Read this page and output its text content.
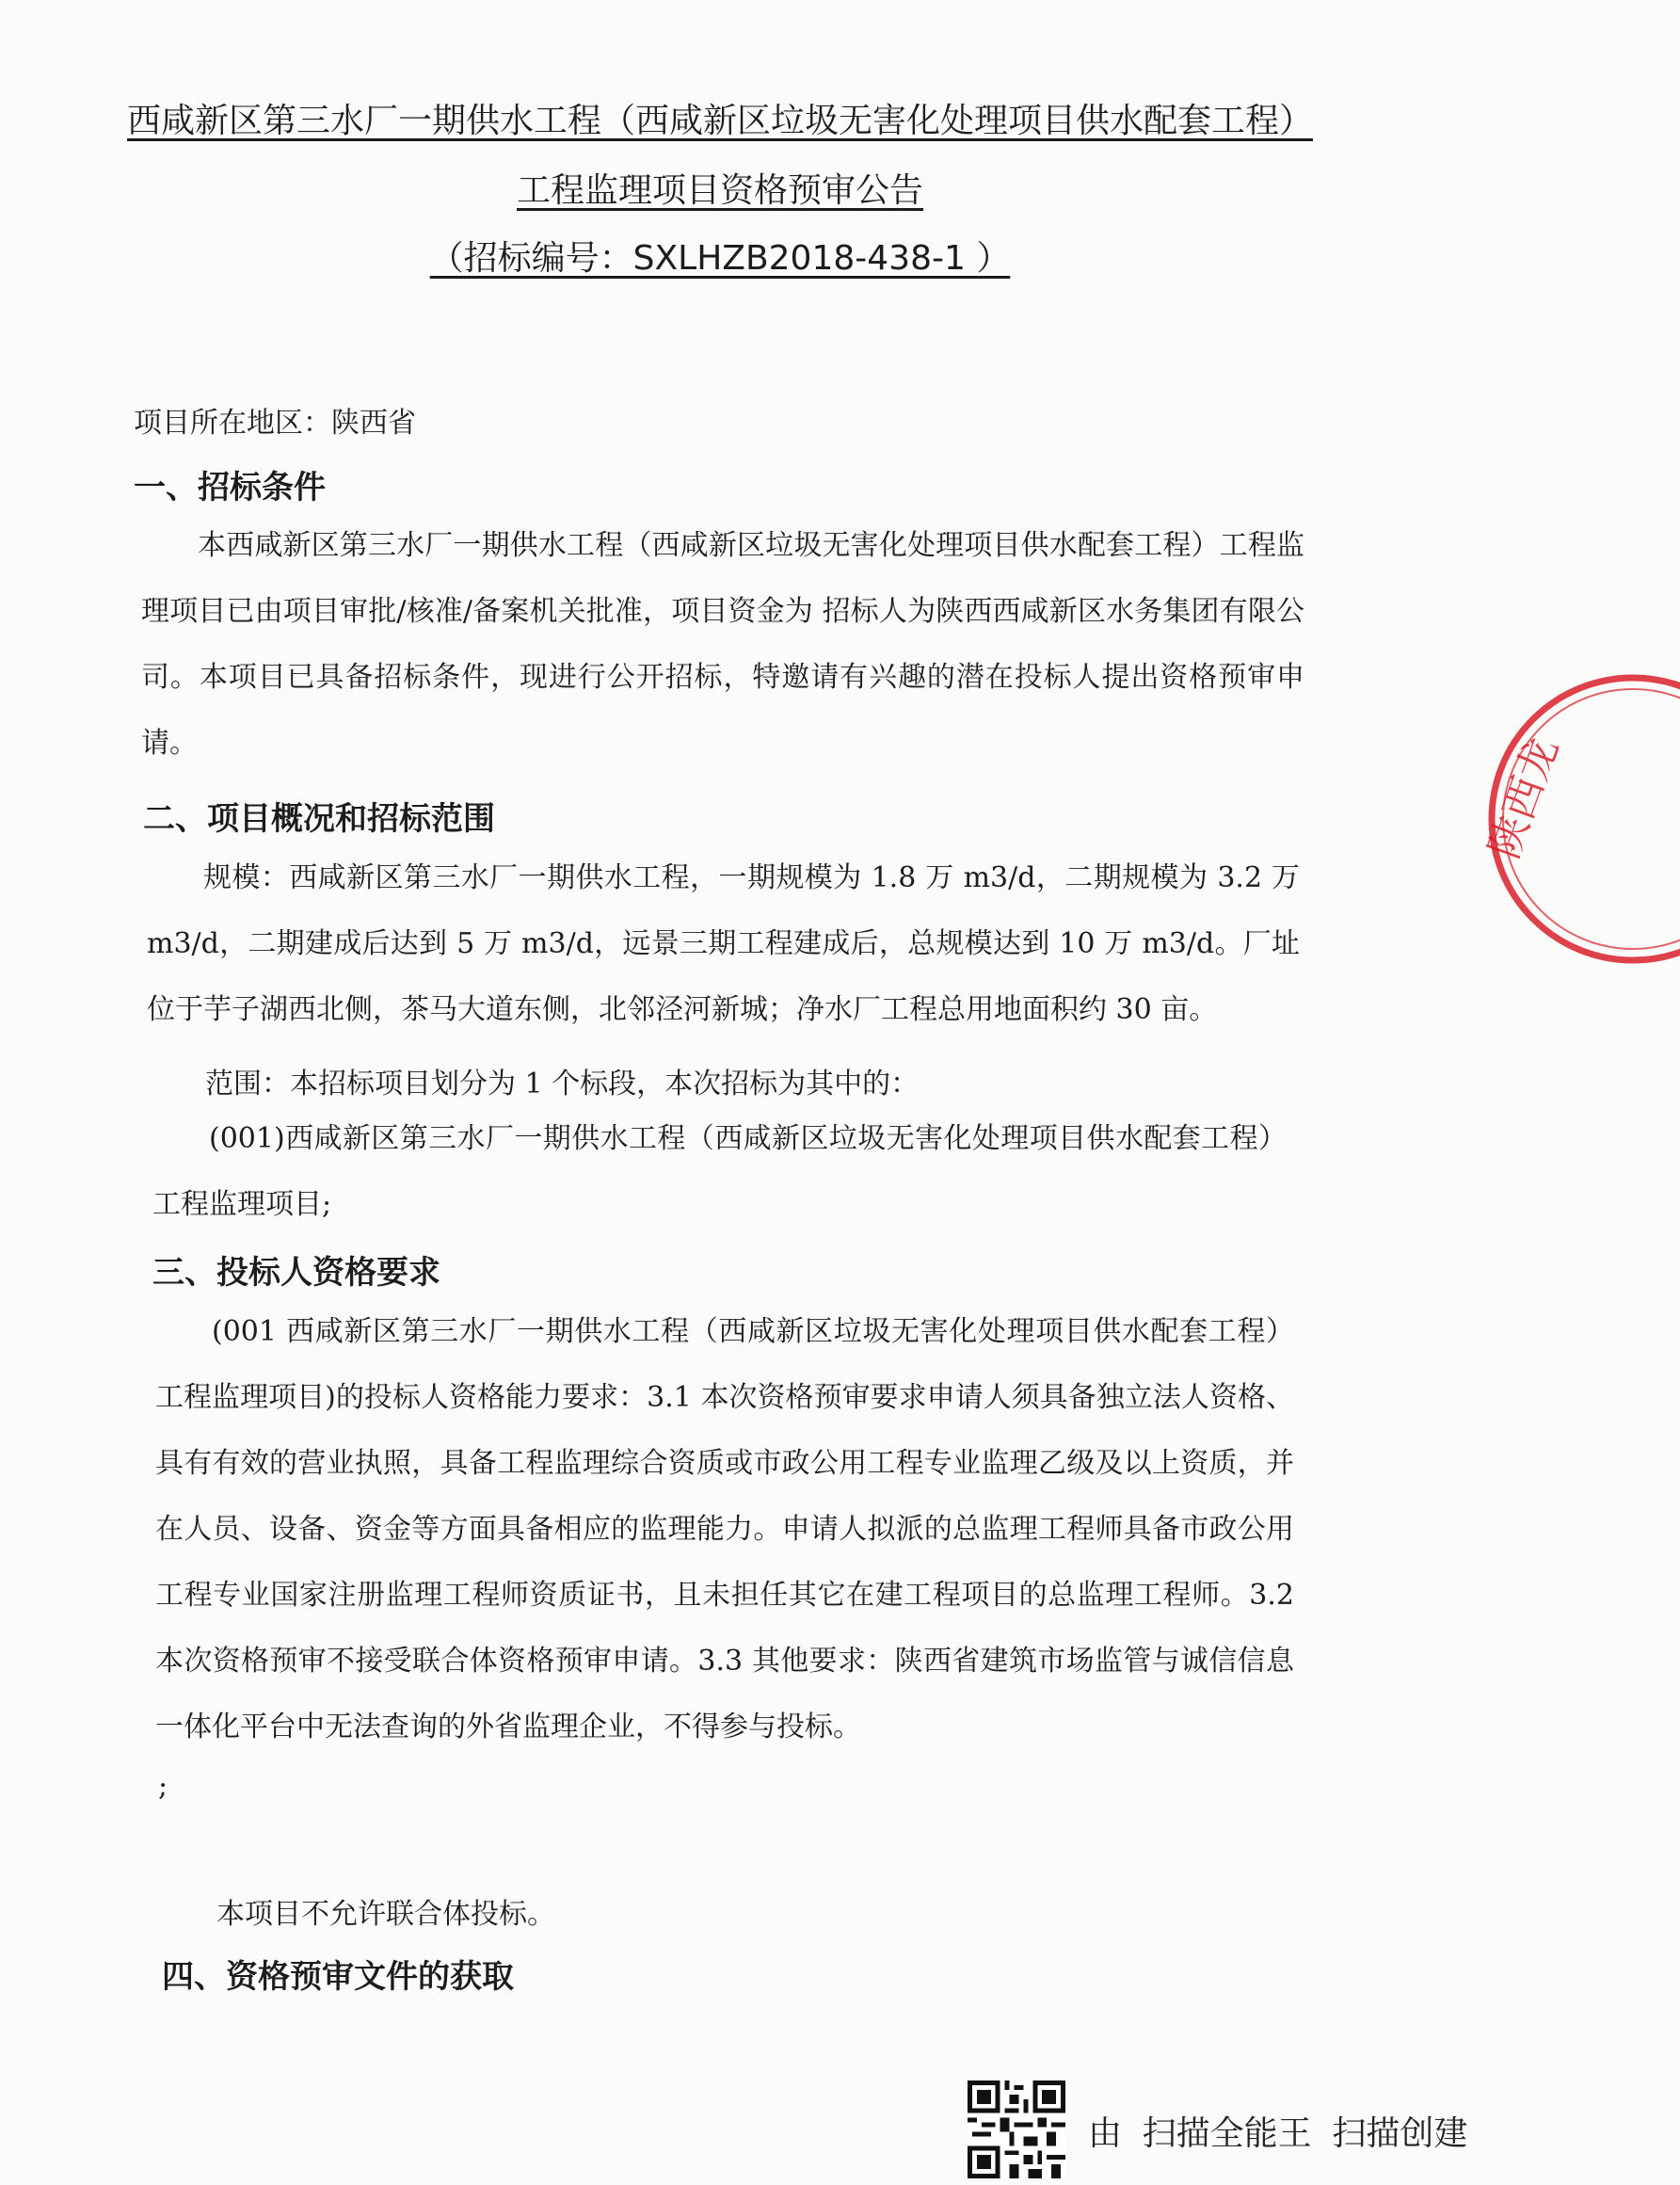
西咸新区第三水厂一期供水工程（西咸新区垃圾无害化处理项目供水配套工程）
工程监理项目资格预审公告
（招标编号：SXLHZB2018-438-1 ）
项目所在地区：陕西省
一、招标条件
本西咸新区第三水厂一期供水工程（西咸新区垃圾无害化处理项目供水配套工程）工程监理项目已由项目审批/核准/备案机关批准，项目资金为 招标人为陕西西咸新区水务集团有限公司。本项目已具备招标条件，现进行公开招标，特邀请有兴趣的潜在投标人提出资格预审申请。
二、项目概况和招标范围
规模：西咸新区第三水厂一期供水工程，一期规模为 1.8 万 m3/d，二期规模为 3.2 万 m3/d，二期建成后达到 5 万 m3/d，远景三期工程建成后，总规模达到 10 万 m3/d。厂址位于芋子湖西北侧，茶马大道东侧，北邻泾河新城；净水厂工程总用地面积约 30 亩。
范围：本招标项目划分为 1 个标段，本次招标为其中的：
(001)西咸新区第三水厂一期供水工程（西咸新区垃圾无害化处理项目供水配套工程）工程监理项目;
三、投标人资格要求
(001 西咸新区第三水厂一期供水工程（西咸新区垃圾无害化处理项目供水配套工程）工程监理项目)的投标人资格能力要求：3.1 本次资格预审要求申请人须具备独立法人资格、具有有效的营业执照，具备工程监理综合资质或市政公用工程专业监理乙级及以上资质，并在人员、设备、资金等方面具备相应的监理能力。申请人拟派的总监理工程师具备市政公用工程专业国家注册监理工程师资质证书，且未担任其它在建工程项目的总监理工程师。3.2 本次资格预审不接受联合体资格预审申请。3.3 其他要求：陕西省建筑市场监管与诚信信息一体化平台中无法查询的外省监理企业，不得参与投标。
;
本项目不允许联合体投标。
四、资格预审文件的获取
陕西龙
由 扫描全能王 扫描创建
